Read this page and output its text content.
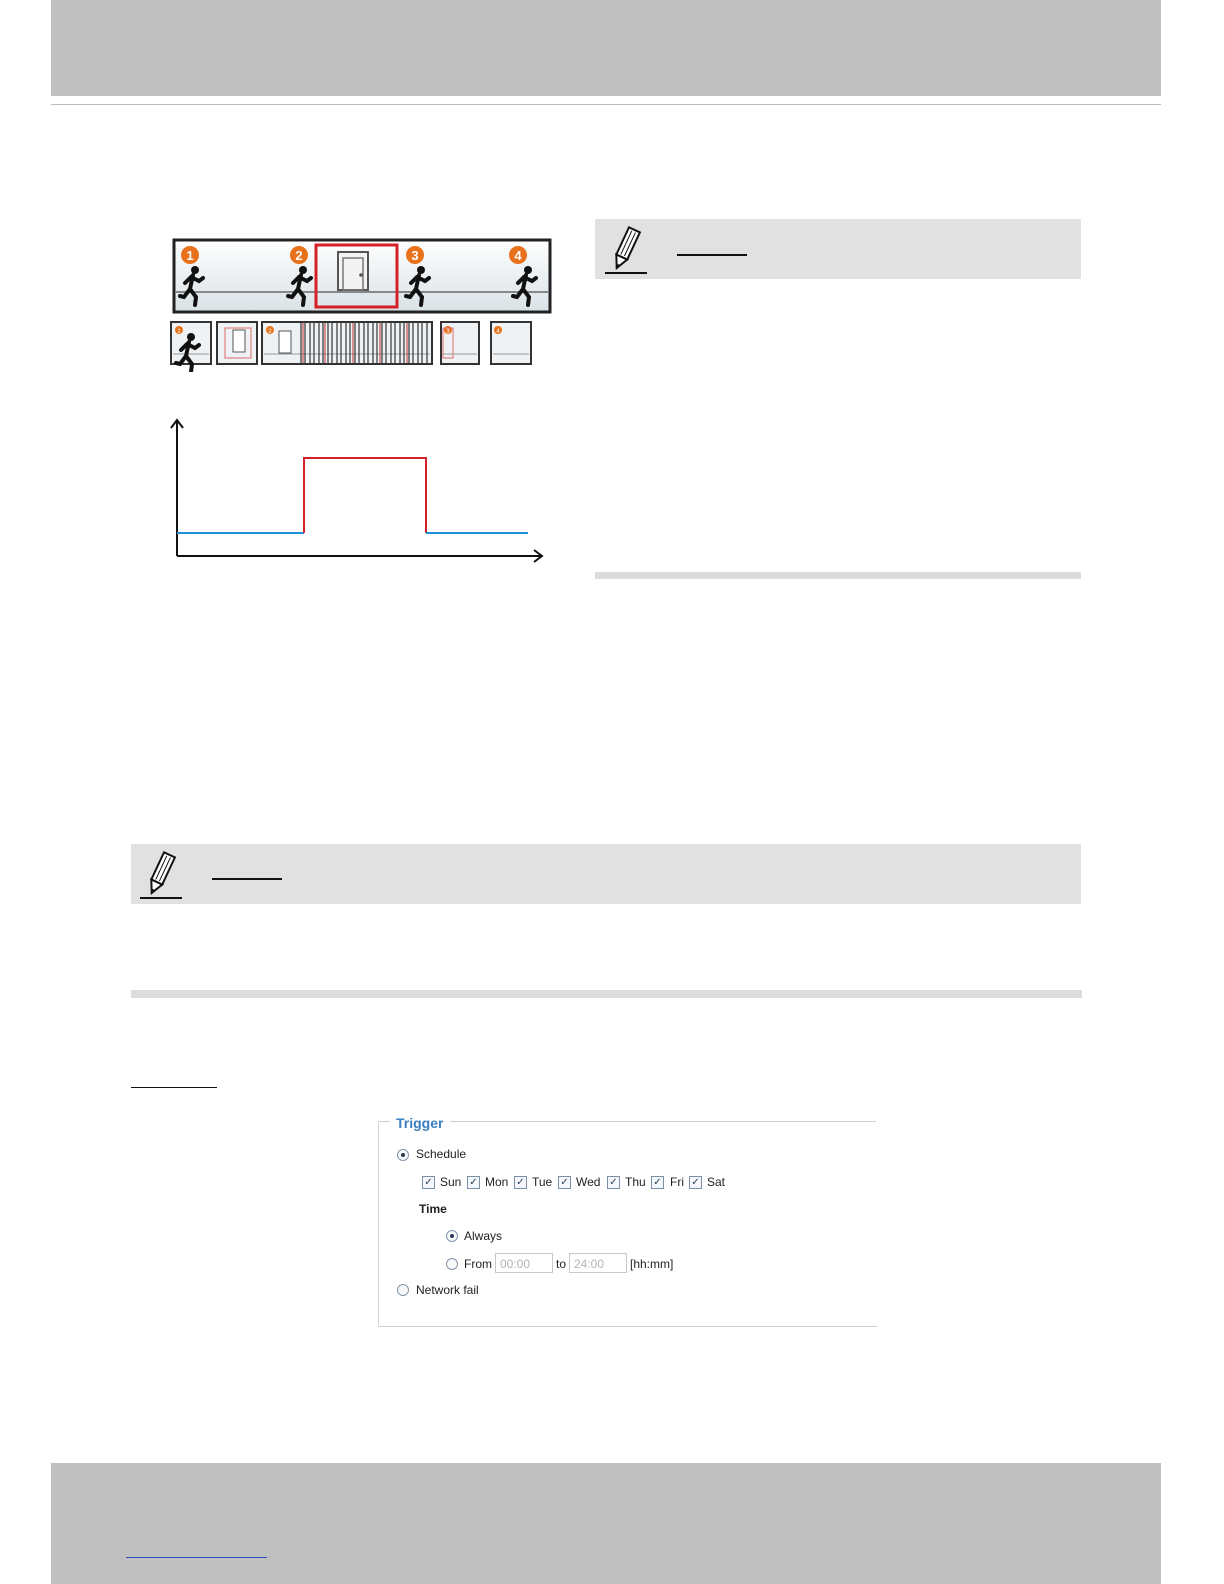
1	2	3	4
1	2	3	4
Trigger
Schedule
✓ Sun ✓ Mon ✓ Tue ✓ Wed ✓ Thu ✓ Fri ✓ Sat
Time
Always
From 00:00	to 24:00	[hh:mm]
Network fail
